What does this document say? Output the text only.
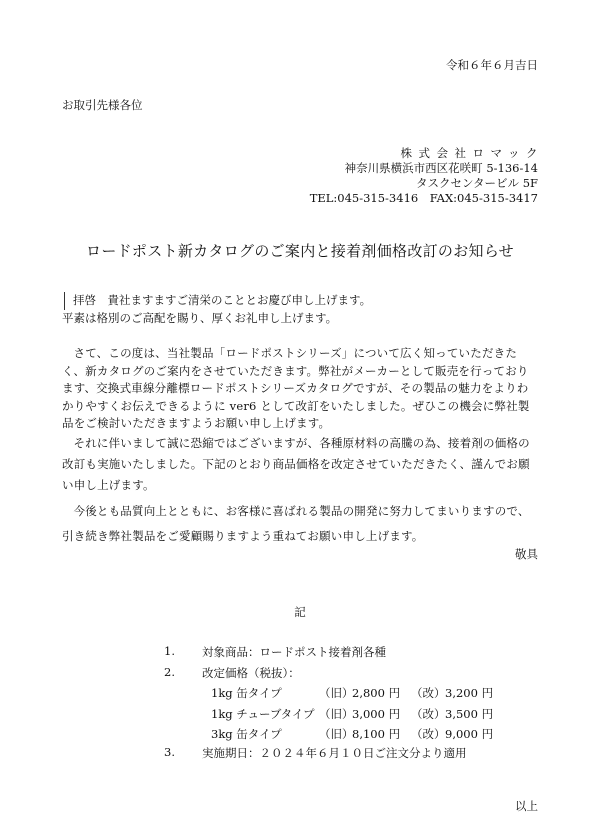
令和６年６月吉日
お取引先様各位
株式会社ロマック
神奈川県横浜市西区花咲町 5-136-14
タスクセンタービル 5F
TEL:045-315-3416　FAX:045-315-3417
ロードポスト新カタログのご案内と接着剤価格改訂のお知らせ
拝啓　貴社ますますご清栄のこととお慶び申し上げます。
平素は格別のご高配を賜り、厚くお礼申し上げます。
さて、この度は、当社製品「ロードポストシリーズ」について広く知っていただきたく、新カタログのご案内をさせていただきます。弊社がメーカーとして販売を行っております、交換式車線分離標ロードポストシリーズカタログですが、その製品の魅力をよりわかりやすくお伝えできるように ver6 として改訂をいたしました。ぜひこの機会に弊社製品をご検討いただきますようお願い申し上げます。
それに伴いまして誠に恐縮ではございますが、各種原材料の高騰の為、接着剤の価格の改訂も実施いたしました。下記のとおり商品価格を改定させていただきたく、謹んでお願い申し上げます。
今後とも品質向上とともに、お客様に喜ばれる製品の開発に努力してまいりますので、引き続き弊社製品をご愛顧賜りますよう重ねてお願い申し上げます。
敬具
記
1. 対象商品：ロードポスト接着剤各種
2. 改定価格（税抜）：
3. 実施期日：２０２４年６月１０日ご注文分より適用
1kg 缶タイプ	（旧）
2,800 円 （改） 3,200 円
1kg チューブタイプ （旧）
3,000 円 （改） 3,500 円
3kg 缶タイプ	（旧）
8,100 円 （改） 9,000 円
以上
